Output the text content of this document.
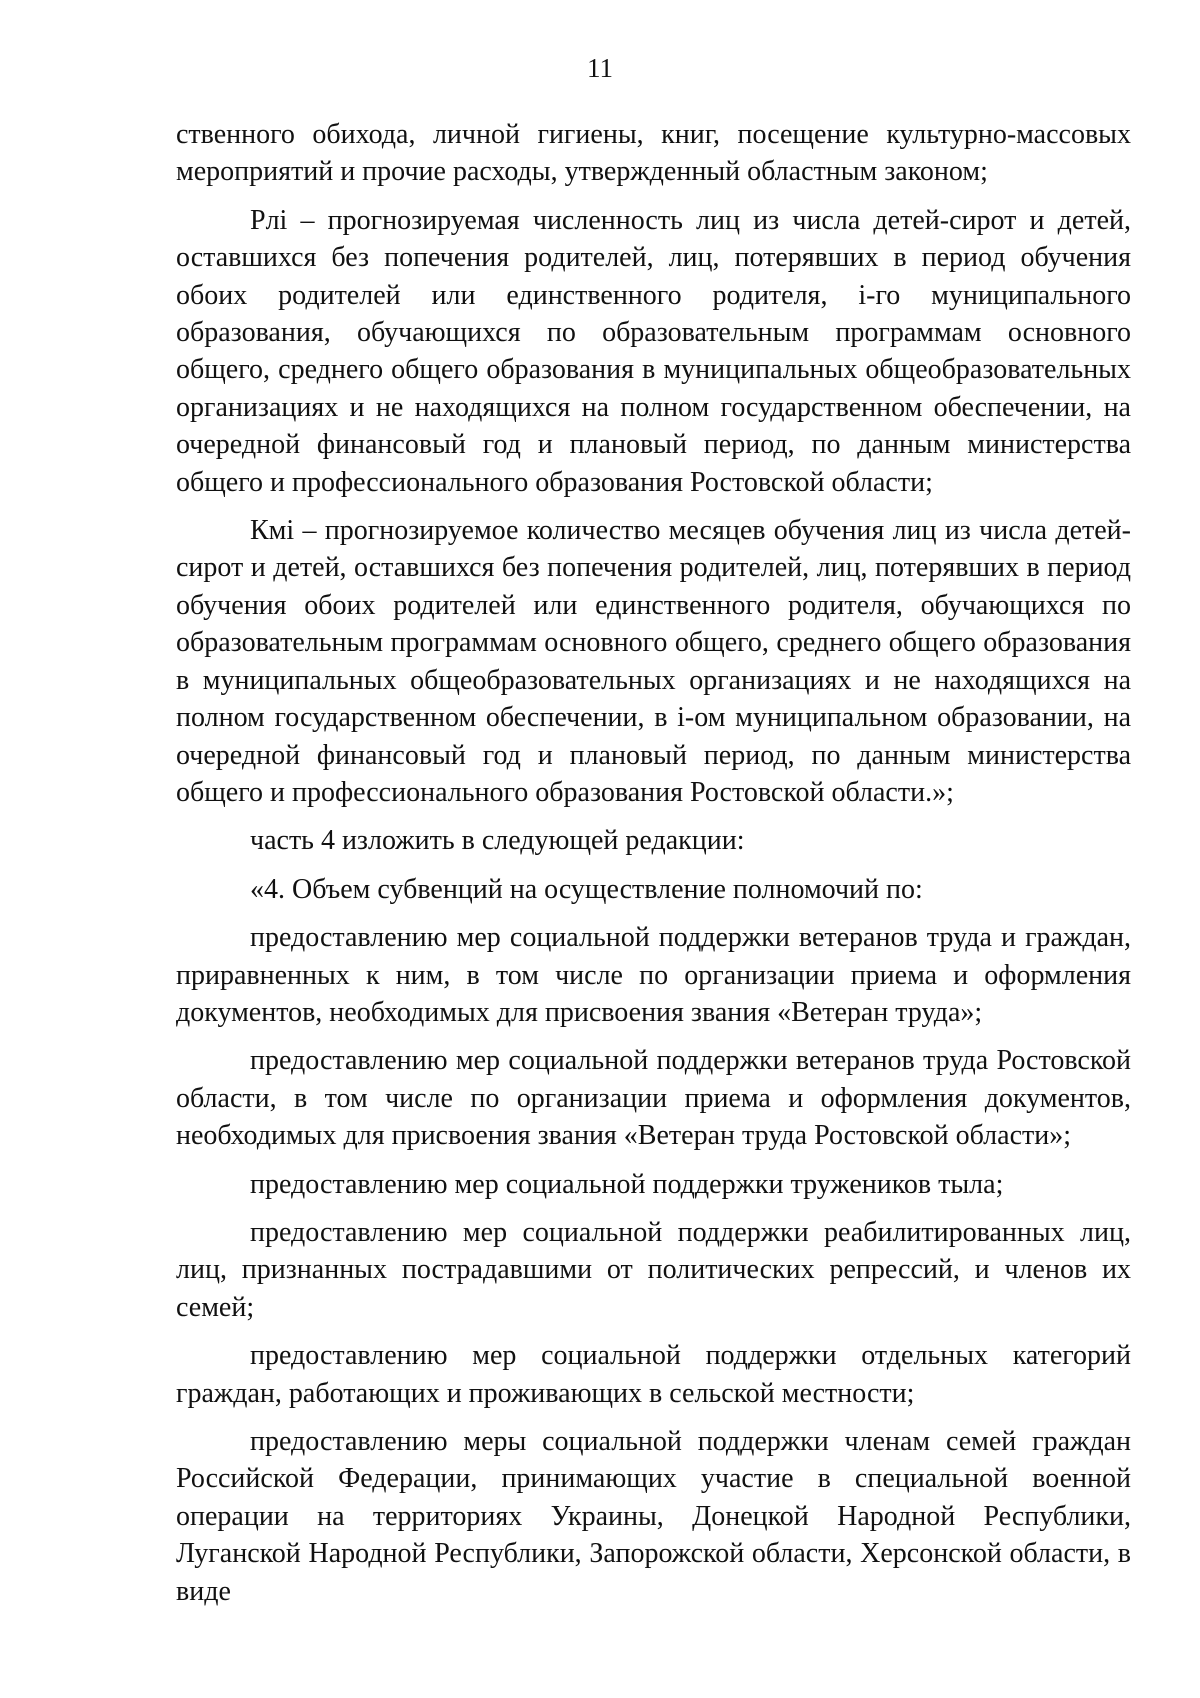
11

ственного обихода, личной гигиены, книг, посещение культурно-массовых мероприятий и прочие расходы, утвержденный областным законом;

Рлi – прогнозируемая численность лиц из числа детей-сирот и детей, оставшихся без попечения родителей, лиц, потерявших в период обучения обоих родителей или единственного родителя, i-го муниципального образования, обучающихся по образовательным программам основного общего, среднего общего образования в муниципальных общеобразовательных организациях и не находящихся на полном государственном обеспечении, на очередной финансовый год и плановый период, по данным министерства общего и профессионального образования Ростовской области;

Кмi – прогнозируемое количество месяцев обучения лиц из числа детей-сирот и детей, оставшихся без попечения родителей, лиц, потерявших в период обучения обоих родителей или единственного родителя, обучающихся по образовательным программам основного общего, среднего общего образования в муниципальных общеобразовательных организациях и не находящихся на полном государственном обеспечении, в i-ом муниципальном образовании, на очередной финансовый год и плановый период, по данным министерства общего и профессионального образования Ростовской области.»;

часть 4 изложить в следующей редакции:

«4. Объем субвенций на осуществление полномочий по:

предоставлению мер социальной поддержки ветеранов труда и граждан, приравненных к ним, в том числе по организации приема и оформления документов, необходимых для присвоения звания «Ветеран труда»;

предоставлению мер социальной поддержки ветеранов труда Ростовской области, в том числе по организации приема и оформления документов, необходимых для присвоения звания «Ветеран труда Ростовской области»;

предоставлению мер социальной поддержки тружеников тыла;

предоставлению мер социальной поддержки реабилитированных лиц, лиц, признанных пострадавшими от политических репрессий, и членов их семей;

предоставлению мер социальной поддержки отдельных категорий граждан, работающих и проживающих в сельской местности;

предоставлению меры социальной поддержки членам семей граждан Российской Федерации, принимающих участие в специальной военной операции на территориях Украины, Донецкой Народной Республики, Луганской Народной Республики, Запорожской области, Херсонской области, в виде
